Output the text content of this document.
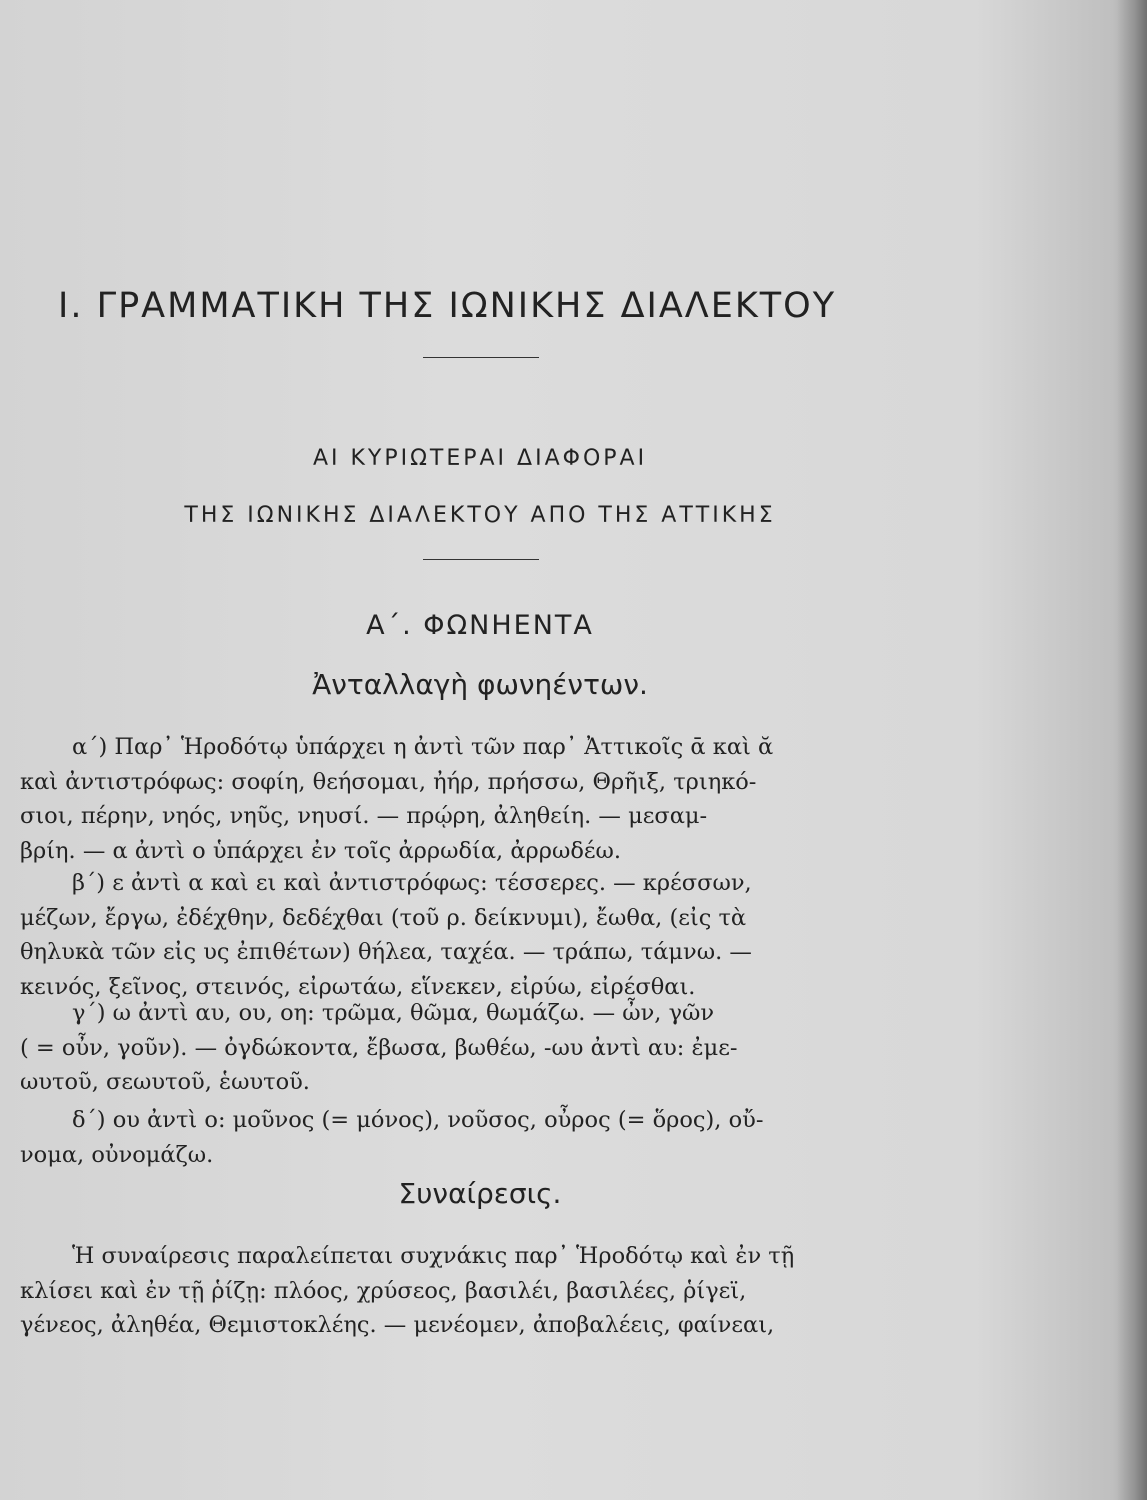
I. ΓΡΑΜΜΑΤΙΚΗ ΤΗΣ ΙΩΝΙΚΗΣ ΔΙΑΛΕΚΤΟΥ
ΑΙ ΚΥΡΙΩΤΕΡΑΙ ΔΙΑΦΟΡΑΙ
ΤΗΣ ΙΩΝΙΚΗΣ ΔΙΑΛΕΚΤΟΥ ΑΠΟ ΤΗΣ ΑΤΤΙΚΗΣ
Α΄. ΦΩΝΗΕΝΤΑ
Ἀνταλλαγὴ φωνηέντων.
α΄) Παρ᾽ Ἡροδότῳ ὑπάρχει η ἀντὶ τῶν παρ᾽ Ἀττικοῖς ᾱ καὶ ᾰ
καὶ ἀντιστρόφως: σοφίη, θεήσομαι, ἠήρ, πρήσσω, Θρῆιξ, τριηκό-
σιοι, πέρην, νηός, νηῦς, νηυσί. — πρῴρη, ἀληθείη. — μεσαμ-
βρίη. — α ἀντὶ ο ὑπάρχει ἐν τοῖς ἀρρωδία, ἀρρωδέω.
β΄) ε ἀντὶ α καὶ ει καὶ ἀντιστρόφως: τέσσερες. — κρέσσων,
μέζων, ἔργω, ἐδέχθην, δεδέχθαι (τοῦ ρ. δείκνυμι), ἔωθα, (εἰς τὰ
θηλυκὰ τῶν εἰς υς ἐπιθέτων) θήλεα, ταχέα. — τράπω, τάμνω. —
κεινός, ξεῖνος, στεινός, εἰρωτάω, εἵνεκεν, εἰρύω, εἰρέσθαι.
γ΄) ω ἀντὶ αυ, ου, οη: τρῶμα, θῶμα, θωμάζω. — ὦν, γῶν
( = οὖν, γοῦν). — ὀγδώκοντα, ἔβωσα, βωθέω, -ωυ ἀντὶ αυ: ἐμε-
ωυτοῦ, σεωυτοῦ, ἑωυτοῦ.
δ΄) ου ἀντὶ ο: μοῦνος (= μόνος), νοῦσος, οὖρος (= ὅρος), οὔ-
νομα, οὐνομάζω.
Συναίρεσις.
Ἡ συναίρεσις παραλείπεται συχνάκις παρ᾽ Ἡροδότῳ καὶ ἐν τῇ
κλίσει καὶ ἐν τῇ ῥίζῃ: πλόος, χρύσεος, βασιλέι, βασιλέες, ῥίγεϊ,
γένεος, ἀληθέα, Θεμιστοκλέης. — μενέομεν, ἀποβαλέεις, φαίνεαι,
